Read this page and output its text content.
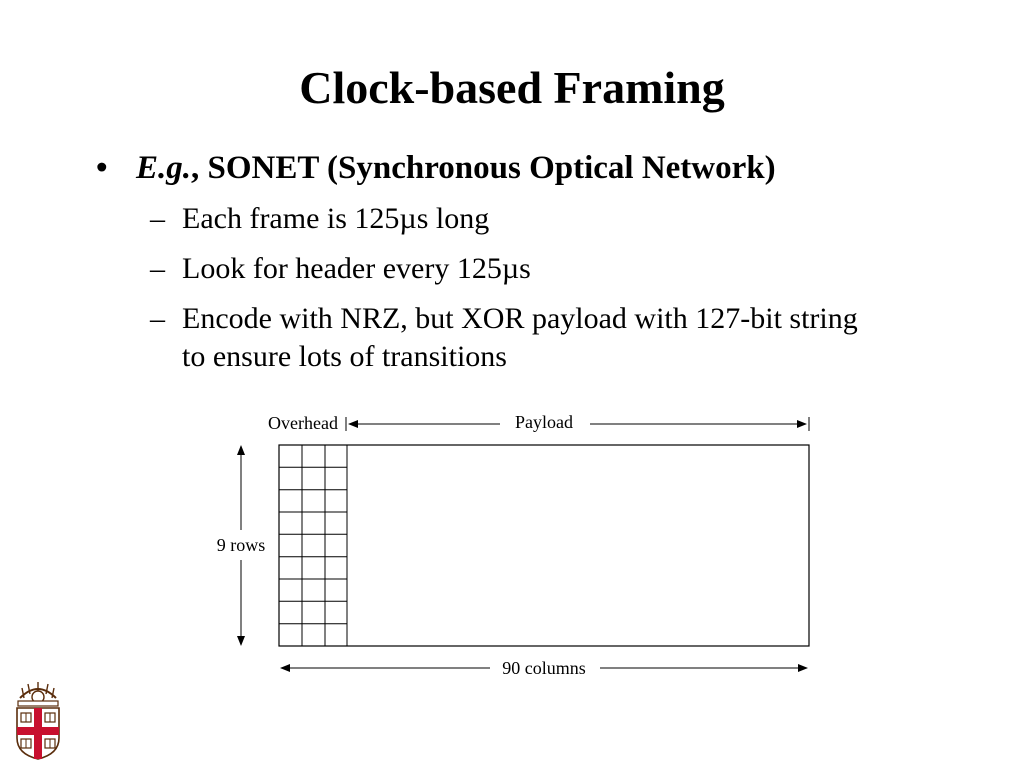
Clock-based Framing
• E.g., SONET (Synchronous Optical Network)
– Each frame is 125µs long
– Look for header every 125µs
– Encode with NRZ, but XOR payload with 127-bit string to ensure lots of transitions
Overhead	Payload
9 rows
90 columns
